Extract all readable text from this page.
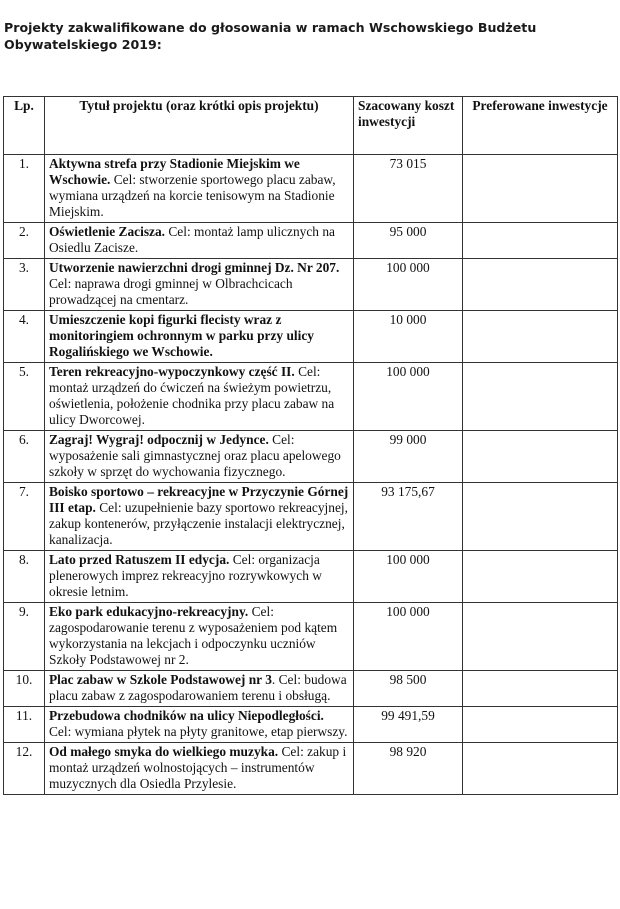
Projekty zakwalifikowane do głosowania w ramach Wschowskiego Budżetu Obywatelskiego 2019:
Lp.	Tytuł projektu (oraz krótki opis projektu)	Szacowany koszt inwestycji	Preferowane inwestycje
1.	Aktywna strefa przy Stadionie Miejskim we Wschowie. Cel: stworzenie sportowego placu zabaw, wymiana urządzeń na korcie tenisowym na Stadionie Miejskim.	73 015	
2.	Oświetlenie Zacisza. Cel: montaż lamp ulicznych na Osiedlu Zacisze.	95 000	
3.	Utworzenie nawierzchni drogi gminnej Dz. Nr 207. Cel: naprawa drogi gminnej w Olbrachcicach prowadzącej na cmentarz.	100 000	
4.	Umieszczenie kopi figurki flecisty wraz z monitoringiem ochronnym w parku przy ulicy Rogalińskiego we Wschowie.	10 000	
5.	Teren rekreacyjno-wypoczynkowy część II. Cel: montaż urządzeń do ćwiczeń na świeżym powietrzu, oświetlenia, położenie chodnika przy placu zabaw na ulicy Dworcowej.	100 000	
6.	Zagraj! Wygraj! odpocznij w Jedynce. Cel: wyposażenie sali gimnastycznej oraz placu apelowego szkoły w sprzęt do wychowania fizycznego.	99 000	
7.	Boisko sportowo – rekreacyjne w Przyczynie Górnej III etap. Cel: uzupełnienie bazy sportowo rekreacyjnej, zakup kontenerów, przyłączenie instalacji elektrycznej, kanalizacja.	93 175,67	
8.	Lato przed Ratuszem II edycja. Cel: organizacja plenerowych imprez rekreacyjno rozrywkowych w okresie letnim.	100 000	
9.	Eko park edukacyjno-rekreacyjny. Cel: zagospodarowanie terenu z wyposażeniem pod kątem wykorzystania na lekcjach i odpoczynku uczniów Szkoły Podstawowej nr 2.	100 000	
10.	Plac zabaw w Szkole Podstawowej nr 3. Cel: budowa placu zabaw z zagospodarowaniem terenu i obsługą.	98 500	
11.	Przebudowa chodników na ulicy Niepodległości. Cel: wymiana płytek na płyty granitowe, etap pierwszy.	99 491,59	
12.	Od małego smyka do wielkiego muzyka. Cel: zakup i montaż urządzeń wolnostojących – instrumentów muzycznych dla Osiedla Przylesie.	98 920	
